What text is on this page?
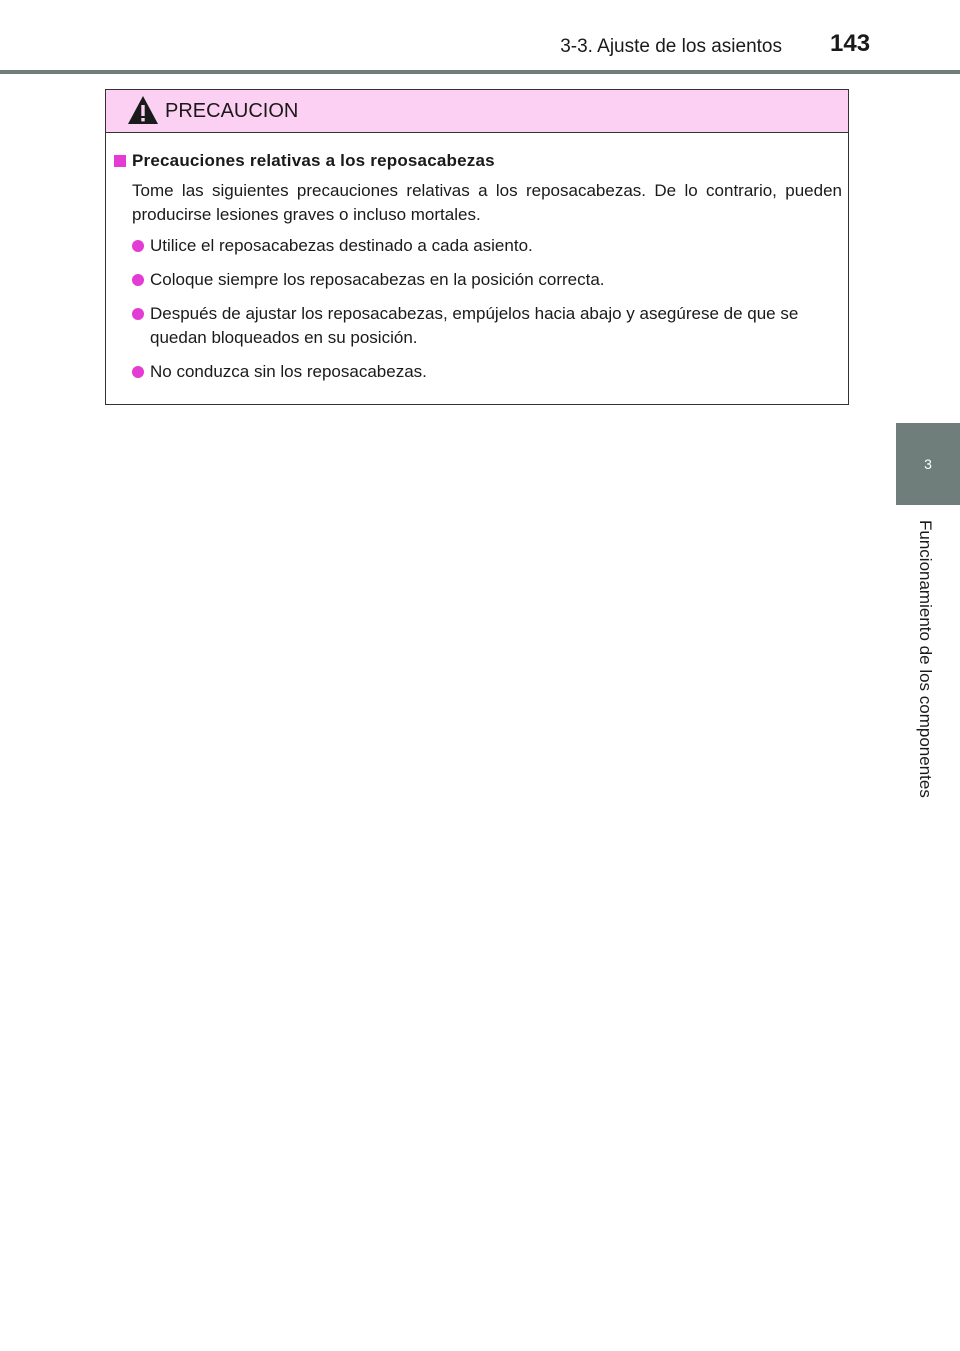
3-3. Ajuste de los asientos 143
3
Funcionamiento de los componentes
PRECAUCION
Precauciones relativas a los reposacabezas

Tome las siguientes precauciones relativas a los reposacabezas. De lo contrario, pueden producirse lesiones graves o incluso mortales.

Utilice el reposacabezas destinado a cada asiento.
Coloque siempre los reposacabezas en la posición correcta.
Después de ajustar los reposacabezas, empújelos hacia abajo y asegúrese de que se quedan bloqueados en su posición.
No conduzca sin los reposacabezas.
